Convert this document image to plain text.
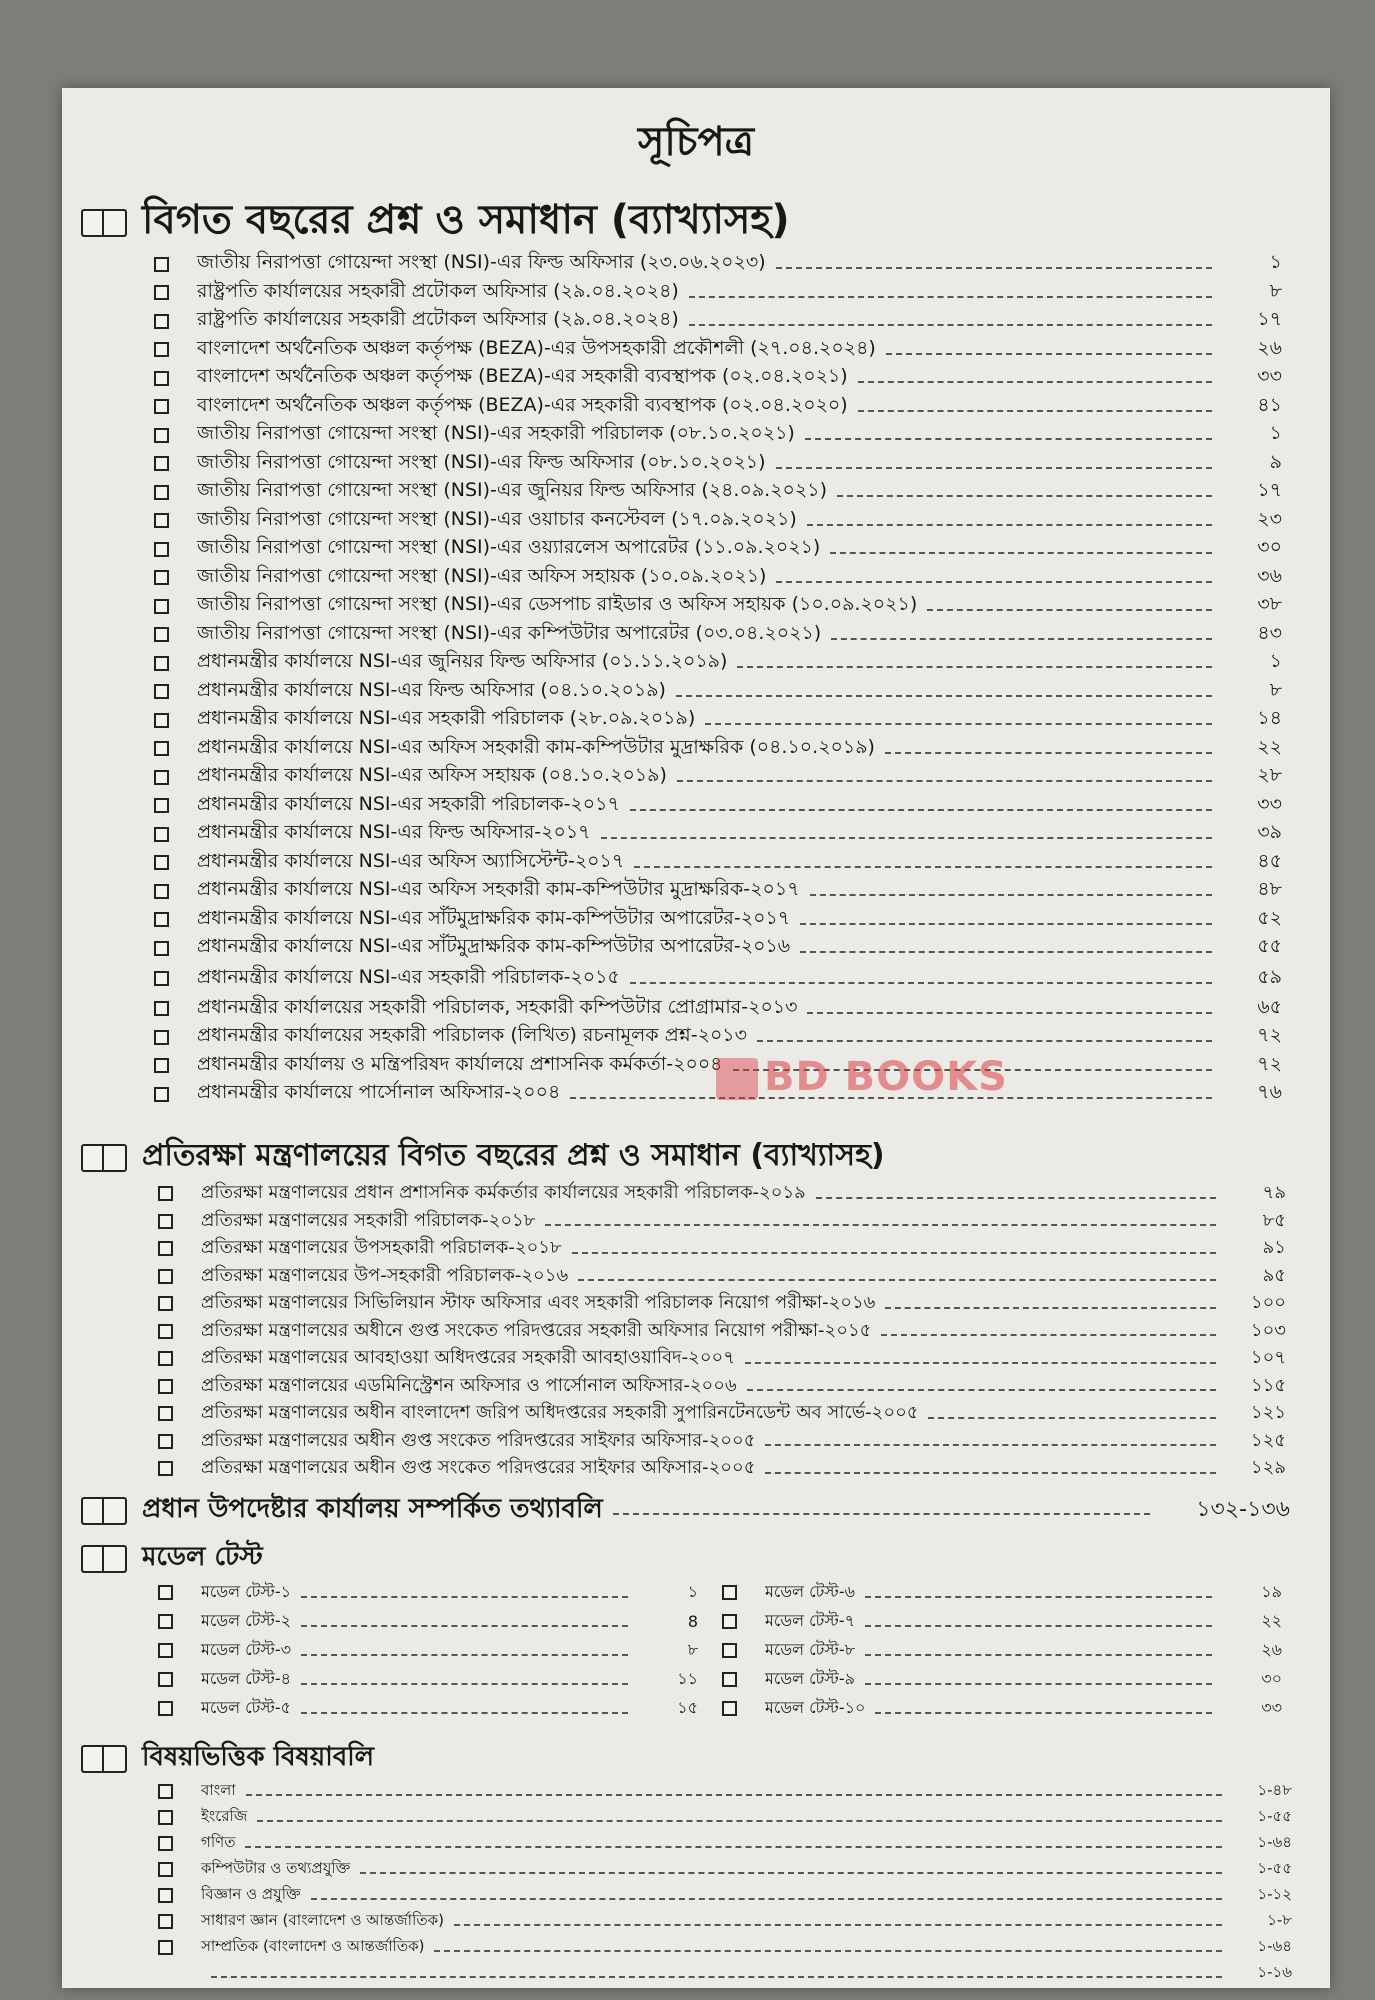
সূচিপত্র
বিগত বছরের প্রশ্ন ও সমাধান (ব্যাখ্যাসহ)
জাতীয় নিরাপত্তা গোয়েন্দা সংস্থা (NSI)-এর ফিল্ড অফিসার (২৩.০৬.২০২৩)	১
রাষ্ট্রপতি কার্যালয়ের সহকারী প্রটোকল অফিসার (২৯.০৪.২০২৪)	৮
রাষ্ট্রপতি কার্যালয়ের সহকারী প্রটোকল অফিসার (২৯.০৪.২০২৪)	১৭
বাংলাদেশ অর্থনৈতিক অঞ্চল কর্তৃপক্ষ (BEZA)-এর উপসহকারী প্রকৌশলী (২৭.০৪.২০২৪)	২৬
বাংলাদেশ অর্থনৈতিক অঞ্চল কর্তৃপক্ষ (BEZA)-এর সহকারী ব্যবস্থাপক (০২.০৪.২০২১)	৩৩
বাংলাদেশ অর্থনৈতিক অঞ্চল কর্তৃপক্ষ (BEZA)-এর সহকারী ব্যবস্থাপক (০২.০৪.২০২০)	৪১
জাতীয় নিরাপত্তা গোয়েন্দা সংস্থা (NSI)-এর সহকারী পরিচালক (০৮.১০.২০২১)	১
জাতীয় নিরাপত্তা গোয়েন্দা সংস্থা (NSI)-এর ফিল্ড অফিসার (০৮.১০.২০২১)	৯
জাতীয় নিরাপত্তা গোয়েন্দা সংস্থা (NSI)-এর জুনিয়র ফিল্ড অফিসার (২৪.০৯.২০২১)	১৭
জাতীয় নিরাপত্তা গোয়েন্দা সংস্থা (NSI)-এর ওয়াচার কনস্টেবল (১৭.০৯.২০২১)	২৩
জাতীয় নিরাপত্তা গোয়েন্দা সংস্থা (NSI)-এর ওয়্যারলেস অপারেটর (১১.০৯.২০২১)	৩০
জাতীয় নিরাপত্তা গোয়েন্দা সংস্থা (NSI)-এর অফিস সহায়ক (১০.০৯.২০২১)	৩৬
জাতীয় নিরাপত্তা গোয়েন্দা সংস্থা (NSI)-এর ডেসপাচ রাইডার ও অফিস সহায়ক (১০.০৯.২০২১)	৩৮
জাতীয় নিরাপত্তা গোয়েন্দা সংস্থা (NSI)-এর কম্পিউটার অপারেটর (০৩.০৪.২০২১)	৪৩
প্রধানমন্ত্রীর কার্যালয়ে NSI-এর জুনিয়র ফিল্ড অফিসার (০১.১১.২০১৯)	১
প্রধানমন্ত্রীর কার্যালয়ে NSI-এর ফিল্ড অফিসার (০৪.১০.২০১৯)	৮
প্রধানমন্ত্রীর কার্যালয়ে NSI-এর সহকারী পরিচালক (২৮.০৯.২০১৯)	১৪
প্রধানমন্ত্রীর কার্যালয়ে NSI-এর অফিস সহকারী কাম-কম্পিউটার মুদ্রাক্ষরিক (০৪.১০.২০১৯)	২২
প্রধানমন্ত্রীর কার্যালয়ে NSI-এর অফিস সহায়ক (০৪.১০.২০১৯)	২৮
প্রধানমন্ত্রীর কার্যালয়ে NSI-এর সহকারী পরিচালক-২০১৭	৩৩
প্রধানমন্ত্রীর কার্যালয়ে NSI-এর ফিল্ড অফিসার-২০১৭	৩৯
প্রধানমন্ত্রীর কার্যালয়ে NSI-এর অফিস অ্যাসিস্টেন্ট-২০১৭	৪৫
প্রধানমন্ত্রীর কার্যালয়ে NSI-এর অফিস সহকারী কাম-কম্পিউটার মুদ্রাক্ষরিক-২০১৭	৪৮
প্রধানমন্ত্রীর কার্যালয়ে NSI-এর সাঁটমুদ্রাক্ষরিক কাম-কম্পিউটার অপারেটর-২০১৭	৫২
প্রধানমন্ত্রীর কার্যালয়ে NSI-এর সাঁটমুদ্রাক্ষরিক কাম-কম্পিউটার অপারেটর-২০১৬	৫৫
প্রধানমন্ত্রীর কার্যালয়ে NSI-এর সহকারী পরিচালক-২০১৫	৫৯
প্রধানমন্ত্রীর কার্যালয়ের সহকারী পরিচালক, সহকারী কম্পিউটার প্রোগ্রামার-২০১৩	৬৫
প্রধানমন্ত্রীর কার্যালয়ের সহকারী পরিচালক (লিখিত) রচনামূলক প্রশ্ন-২০১৩	৭২
প্রধানমন্ত্রীর কার্যালয় ও মন্ত্রিপরিষদ কার্যালয়ে প্রশাসনিক কর্মকর্তা-২০০৪	৭২
প্রধানমন্ত্রীর কার্যালয়ে পার্সোনাল অফিসার-২০০৪	৭৬
প্রতিরক্ষা মন্ত্রণালয়ের বিগত বছরের প্রশ্ন ও সমাধান (ব্যাখ্যাসহ)
প্রতিরক্ষা মন্ত্রণালয়ের প্রধান প্রশাসনিক কর্মকর্তার কার্যালয়ের সহকারী পরিচালক-২০১৯	৭৯
প্রতিরক্ষা মন্ত্রণালয়ের সহকারী পরিচালক-২০১৮	৮৫
প্রতিরক্ষা মন্ত্রণালয়ের উপসহকারী পরিচালক-২০১৮	৯১
প্রতিরক্ষা মন্ত্রণালয়ের উপ-সহকারী পরিচালক-২০১৬	৯৫
প্রতিরক্ষা মন্ত্রণালয়ের সিভিলিয়ান স্টাফ অফিসার এবং সহকারী পরিচালক নিয়োগ পরীক্ষা-২০১৬	১০০
প্রতিরক্ষা মন্ত্রণালয়ের অধীনে গুপ্ত সংকেত পরিদপ্তরের সহকারী অফিসার নিয়োগ পরীক্ষা-২০১৫	১০৩
প্রতিরক্ষা মন্ত্রণালয়ের আবহাওয়া অধিদপ্তরের সহকারী আবহাওয়াবিদ-২০০৭	১০৭
প্রতিরক্ষা মন্ত্রণালয়ের এডমিনিস্ট্রেশন অফিসার ও পার্সোনাল অফিসার-২০০৬	১১৫
প্রতিরক্ষা মন্ত্রণালয়ের অধীন বাংলাদেশ জরিপ অধিদপ্তরের সহকারী সুপারিনটেনডেন্ট অব সার্ভে-২০০৫	১২১
প্রতিরক্ষা মন্ত্রণালয়ের অধীন গুপ্ত সংকেত পরিদপ্তরের সাইফার অফিসার-২০০৫	১২৫
প্রতিরক্ষা মন্ত্রণালয়ের অধীন গুপ্ত সংকেত পরিদপ্তরের সাইফার অফিসার-২০০৫	১২৯
প্রধান উপদেষ্টার কার্যালয় সম্পর্কিত তথ্যাবলি	১৩২-১৩৬
মডেল টেস্ট
মডেল টেস্ট-১	১
মডেল টেস্ট-২	8
মডেল টেস্ট-৩	৮
মডেল টেস্ট-৪	১১
মডেল টেস্ট-৫	১৫
মডেল টেস্ট-৬	১৯
মডেল টেস্ট-৭	২২
মডেল টেস্ট-৮	২৬
মডেল টেস্ট-৯	৩০
মডেল টেস্ট-১০	৩৩
বিষয়ভিত্তিক বিষয়াবলি
বাংলা	১-৪৮
ইংরেজি	১-৫৫
গণিত	১-৬৪
কম্পিউটার ও তথ্যপ্রযুক্তি	১-৫৫
বিজ্ঞান ও প্রযুক্তি	১-১২
সাধারণ জ্ঞান (বাংলাদেশ ও আন্তর্জাতিক)	১-৮
সাম্প্রতিক (বাংলাদেশ ও আন্তর্জাতিক)	১-৬৪
১-১৬
BD BOOKS
